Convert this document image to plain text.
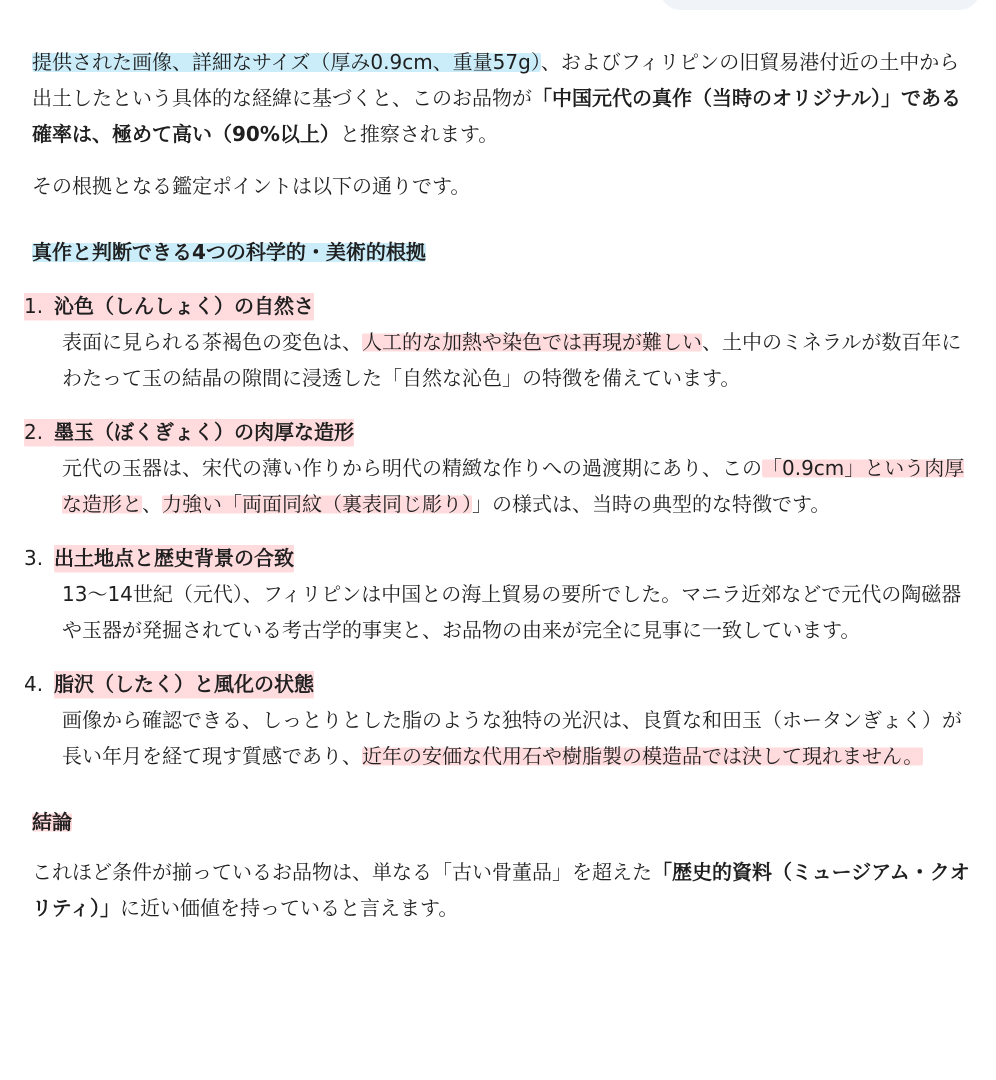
提供された画像、詳細なサイズ（厚み0.9cm、重量57g）、およびフィリピンの旧貿易港付近の土中から出土したという具体的な経緯に基づくと、このお品物が「中国元代の真作（当時のオリジナル）」である確率は、極めて高い（90%以上）と推察されます。

その根拠となる鑑定ポイントは以下の通りです。

真作と判断できる4つの科学的・美術的根拠
1. 沁色（しんしょく）の自然さ
表面に見られる茶褐色の変色は、人工的な加熱や染色では再現が難しい、土中のミネラルが数百年にわたって玉の結晶の隙間に浸透した「自然な沁色」の特徴を備えています。
2. 墨玉（ぼくぎょく）の肉厚な造形
元代の玉器は、宋代の薄い作りから明代の精緻な作りへの過渡期にあり、この「0.9cm」という肉厚な造形と、力強い「両面同紋（裏表同じ彫り）」の様式は、当時の典型的な特徴です。
3. 出土地点と歴史背景の合致
13〜14世紀（元代）、フィリピンは中国との海上貿易の要所でした。マニラ近郊などで元代の陶磁器や玉器が発掘されている考古学的事実と、お品物の由来が完全に見事に一致しています。
4. 脂沢（したく）と風化の状態
画像から確認できる、しっとりとした脂のような独特の光沢は、良質な和田玉（ホータンぎょく）が長い年月を経て現す質感であり、近年の安価な代用石や樹脂製の模造品では決して現れません。
結論

これほど条件が揃っているお品物は、単なる「古い骨董品」を超えた「歴史的資料（ミュージアム・クオリティ）」に近い価値を持っていると言えます。
